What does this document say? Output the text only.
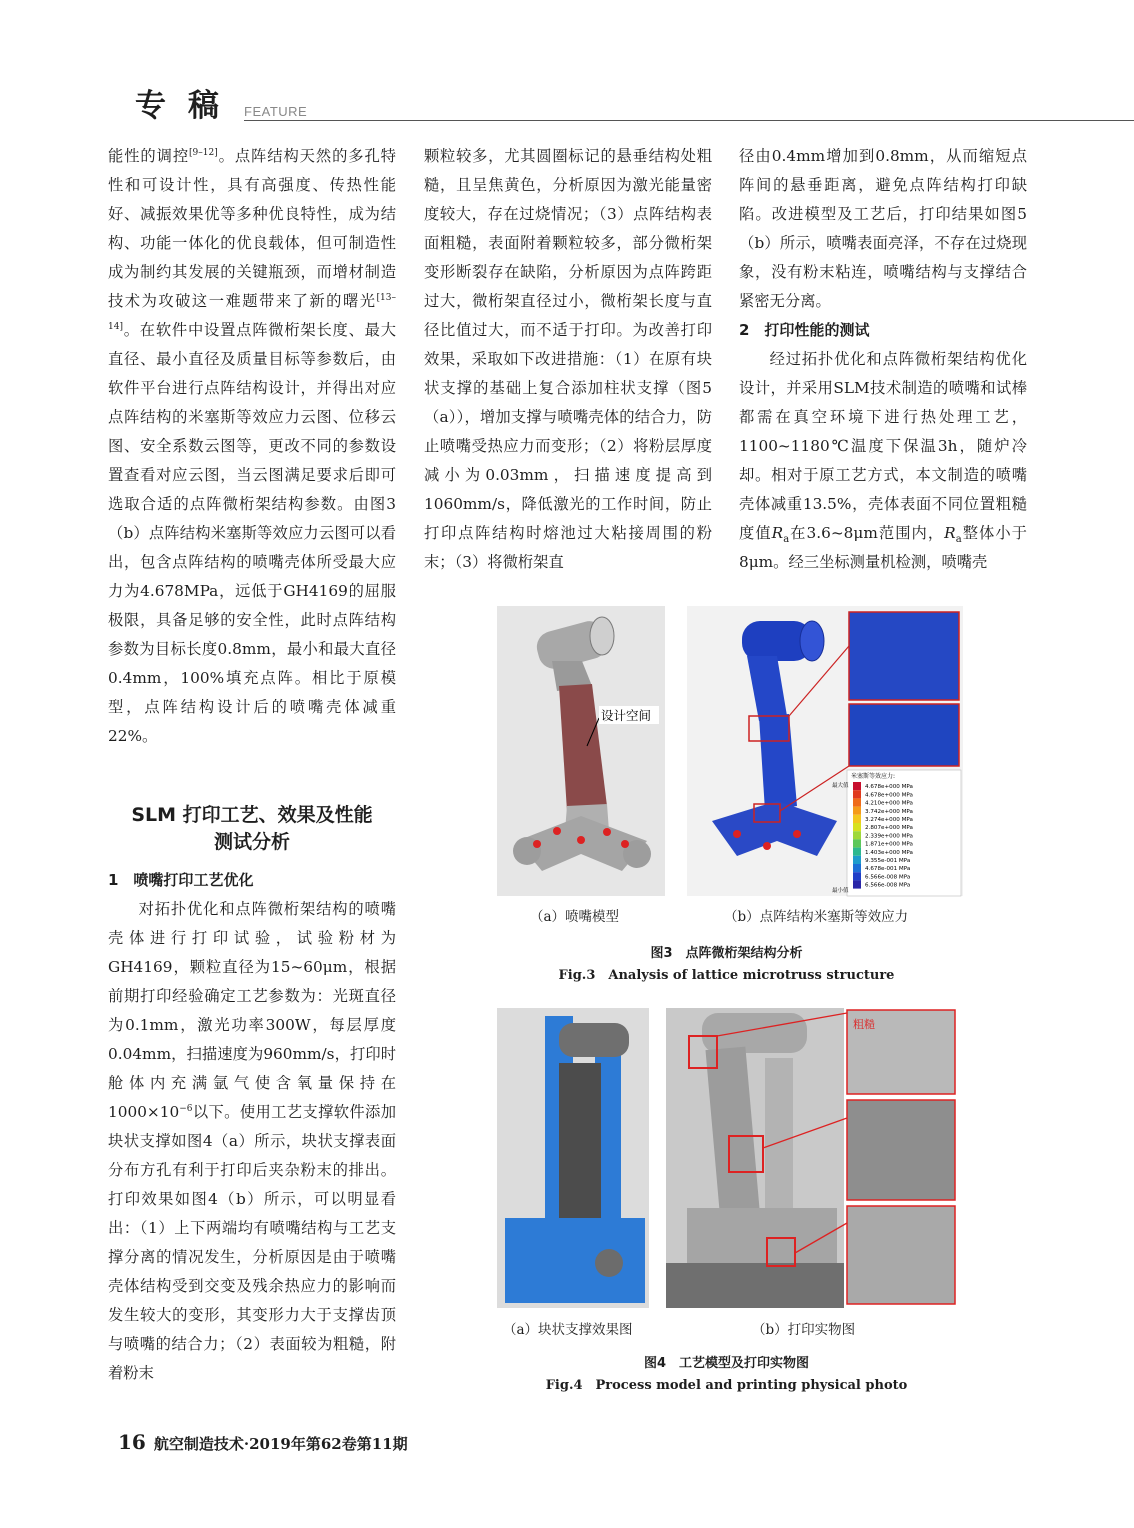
专稿 FEATURE

能性的调控[9–12]。点阵结构天然的多孔特性和可设计性，具有高强度、传热性能好、减振效果优等多种优良特性，成为结构、功能一体化的优良载体，但可制造性成为制约其发展的关键瓶颈，而增材制造技术为攻破这一难题带来了新的曙光[13–14]。在软件中设置点阵微桁架长度、最大直径、最小直径及质量目标等参数后，由软件平台进行点阵结构设计，并得出对应点阵结构的米塞斯等效应力云图、位移云图、安全系数云图等，更改不同的参数设置查看对应云图，当云图满足要求后即可选取合适的点阵微桁架结构参数。由图3（b）点阵结构米塞斯等效应力云图可以看出，包含点阵结构的喷嘴壳体所受最大应力为4.678MPa，远低于GH4169的屈服极限，具备足够的安全性，此时点阵结构参数为目标长度0.8mm，最小和最大直径0.4mm，100%填充点阵。相比于原模型，点阵结构设计后的喷嘴壳体减重22%。

SLM 打印工艺、效果及性能
测试分析

1　喷嘴打印工艺优化

对拓扑优化和点阵微桁架结构的喷嘴壳体进行打印试验，试验粉材为GH4169，颗粒直径为15~60μm，根据前期打印经验确定工艺参数为：光斑直径为0.1mm，激光功率300W，每层厚度0.04mm，扫描速度为960mm/s，打印时舱体内充满氩气使含氧量保持在$1000\times 10^{-6}$以下。使用工艺支撑软件添加块状支撑如图4（a）所示，块状支撑表面分布方孔有利于打印后夹杂粉末的排出。打印效果如图4（b）所示，可以明显看出：（1）上下两端均有喷嘴结构与工艺支撑分离的情况发生，分析原因是由于喷嘴壳体结构受到交变及残余热应力的影响而发生较大的变形，其变形力大于支撑齿顶与喷嘴的结合力；（2）表面较为粗糙，附着粉末

颗粒较多，尤其圆圈标记的悬垂结构处粗糙，且呈焦黄色，分析原因为激光能量密度较大，存在过烧情况；（3）点阵结构表面粗糙，表面附着颗粒较多，部分微桁架变形断裂存在缺陷，分析原因为点阵跨距过大，微桁架直径过小，微桁架长度与直径比值过大，而不适于打印。为改善打印效果，采取如下改进措施：（1）在原有块状支撑的基础上复合添加柱状支撑（图5（a）），增加支撑与喷嘴壳体的结合力，防止喷嘴受热应力而变形；（2）将粉层厚度减小为0.03mm，扫描速度提高到1060mm/s，降低激光的工作时间，防止打印点阵结构时熔池过大粘接周围的粉末；（3）将微桁架直

径由0.4mm增加到0.8mm，从而缩短点阵间的悬垂距离，避免点阵结构打印缺陷。改进模型及工艺后，打印结果如图5（b）所示，喷嘴表面亮泽，不存在过烧现象，没有粉末粘连，喷嘴结构与支撑结合紧密无分离。

2　打印性能的测试

经过拓扑优化和点阵微桁架结构优化设计，并采用SLM技术制造的喷嘴和试棒都需在真空环境下进行热处理工艺，1100~1180℃温度下保温3h，随炉冷却。相对于原工艺方式，本文制造的喷嘴壳体减重13.5%，壳体表面不同位置粗糙度值$R_a$在3.6~8μm范围内，$R_a$整体小于8μm。经三坐标测量机检测，喷嘴壳

设计空间
米塞斯等效应力:
最大值
最小值
4.678e+000 MPa
4.678e+000 MPa
4.210e+000 MPa
3.742e+000 MPa
3.274e+000 MPa
2.807e+000 MPa
2.339e+000 MPa
1.871e+000 MPa
1.403e+000 MPa
9.355e-001 MPa
4.678e-001 MPa
6.566e-008 MPa
6.566e-008 MPa
（a）喷嘴模型	（b）点阵结构米塞斯等效应力
图3　点阵微桁架结构分析
Fig.3　Analysis of lattice microtruss structure
粗糙
（a）块状支撑效果图	（b）打印实物图
图4　工艺模型及打印实物图
Fig.4　Process model and printing physical photo
16 航空制造技术·2019年第62卷第11期
